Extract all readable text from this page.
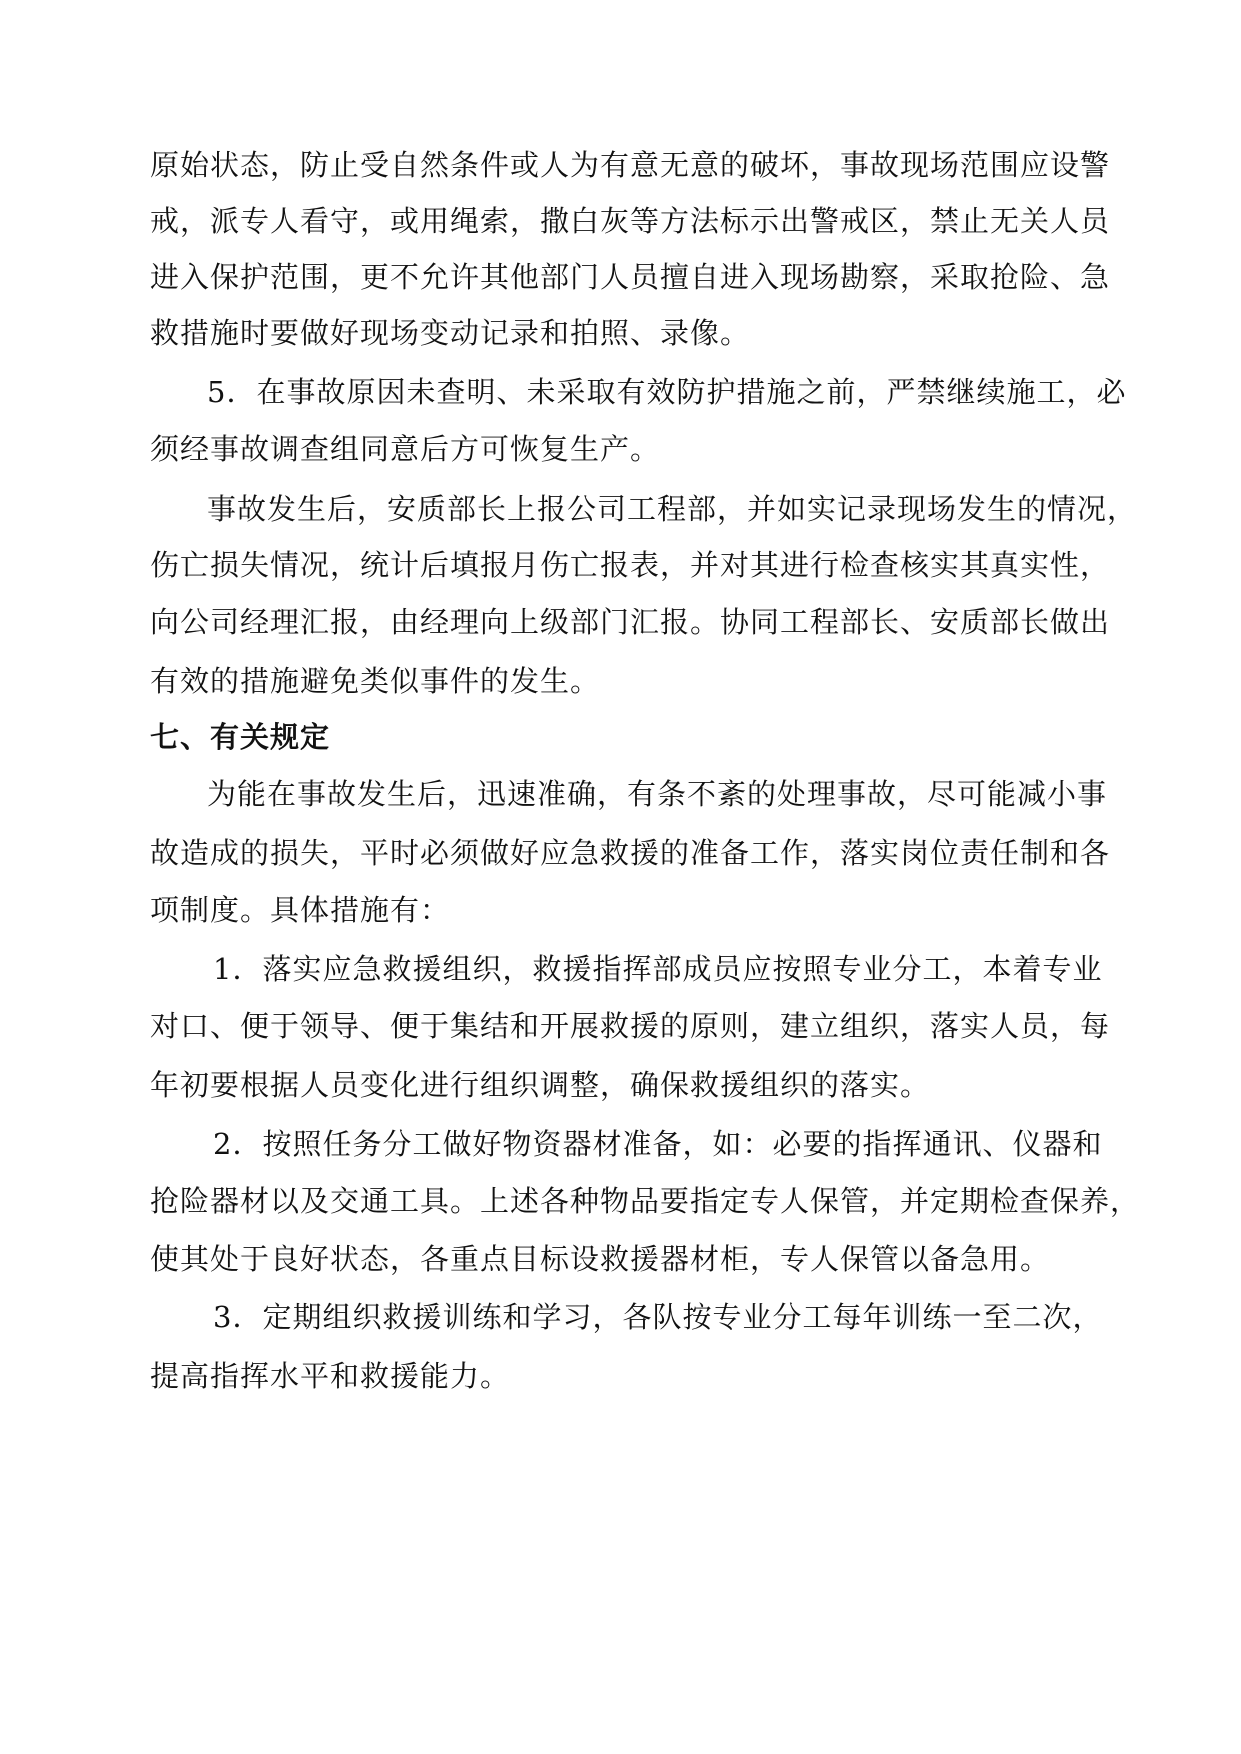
原始状态，防止受自然条件或人为有意无意的破坏，事故现场范围应设警

戒，派专人看守，或用绳索，撒白灰等方法标示出警戒区，禁止无关人员

进入保护范围，更不允许其他部门人员擅自进入现场勘察，采取抢险、急

救措施时要做好现场变动记录和拍照、录像。

5．在事故原因未查明、未采取有效防护措施之前，严禁继续施工，必

须经事故调查组同意后方可恢复生产。

事故发生后，安质部长上报公司工程部，并如实记录现场发生的情况，

伤亡损失情况，统计后填报月伤亡报表，并对其进行检查核实其真实性，

向公司经理汇报，由经理向上级部门汇报。协同工程部长、安质部长做出

有效的措施避免类似事件的发生。

七、有关规定

为能在事故发生后，迅速准确，有条不紊的处理事故，尽可能减小事

故造成的损失，平时必须做好应急救援的准备工作，落实岗位责任制和各

项制度。具体措施有：

1．落实应急救援组织，救援指挥部成员应按照专业分工，本着专业

对口、便于领导、便于集结和开展救援的原则，建立组织，落实人员，每

年初要根据人员变化进行组织调整，确保救援组织的落实。

2．按照任务分工做好物资器材准备，如：必要的指挥通讯、仪器和

抢险器材以及交通工具。上述各种物品要指定专人保管，并定期检查保养，

使其处于良好状态，各重点目标设救援器材柜，专人保管以备急用。

3．定期组织救援训练和学习，各队按专业分工每年训练一至二次，

提高指挥水平和救援能力。
